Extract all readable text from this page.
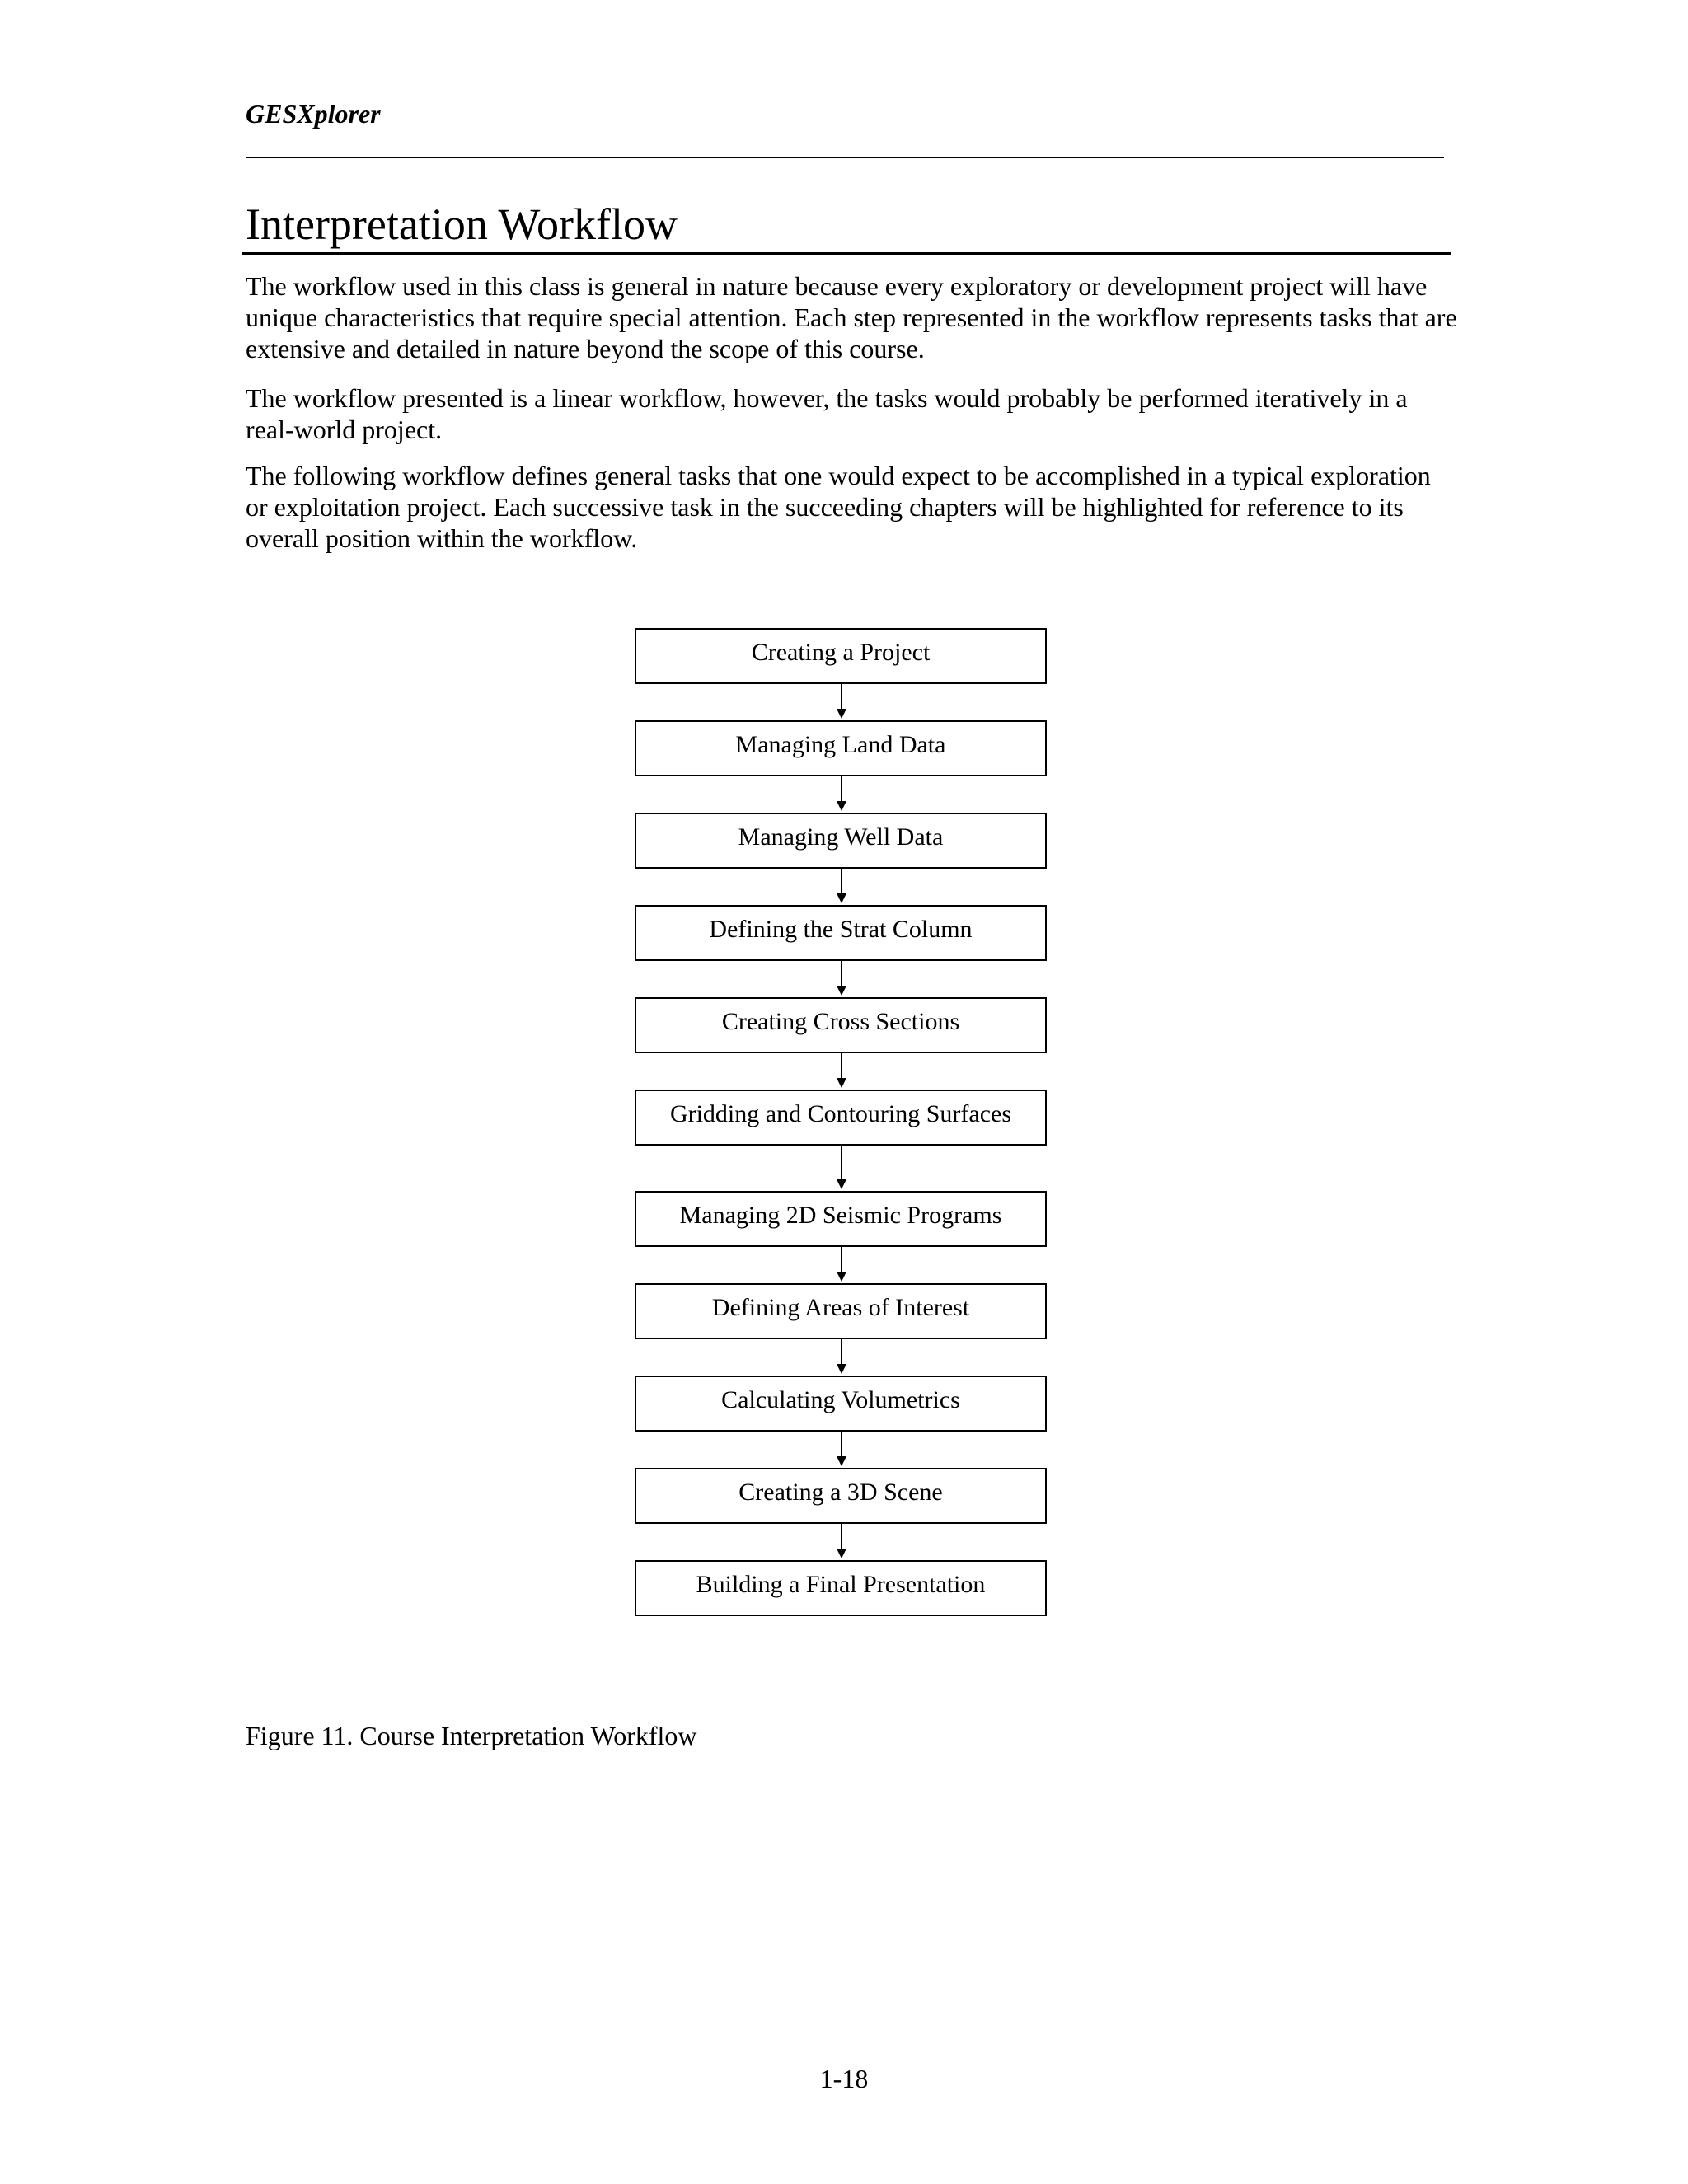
GESXplorer
Interpretation Workflow

The workflow used in this class is general in nature because every exploratory or development project will have unique characteristics that require special attention. Each step represented in the workflow represents tasks that are extensive and detailed in nature beyond the scope of this course.

The workflow presented is a linear workflow, however, the tasks would probably be performed iteratively in a real-world project.

The following workflow defines general tasks that one would expect to be accomplished in a typical exploration or exploitation project. Each successive task in the succeeding chapters will be highlighted for reference to its overall position within the workflow.

Creating a Project
Managing Land Data
Managing Well Data
Defining the Strat Column
Creating Cross Sections
Gridding and Contouring Surfaces
Managing 2D Seismic Programs
Defining Areas of Interest
Calculating Volumetrics
Creating a 3D Scene
Building a Final Presentation
Figure 11. Course Interpretation Workflow
1-18
